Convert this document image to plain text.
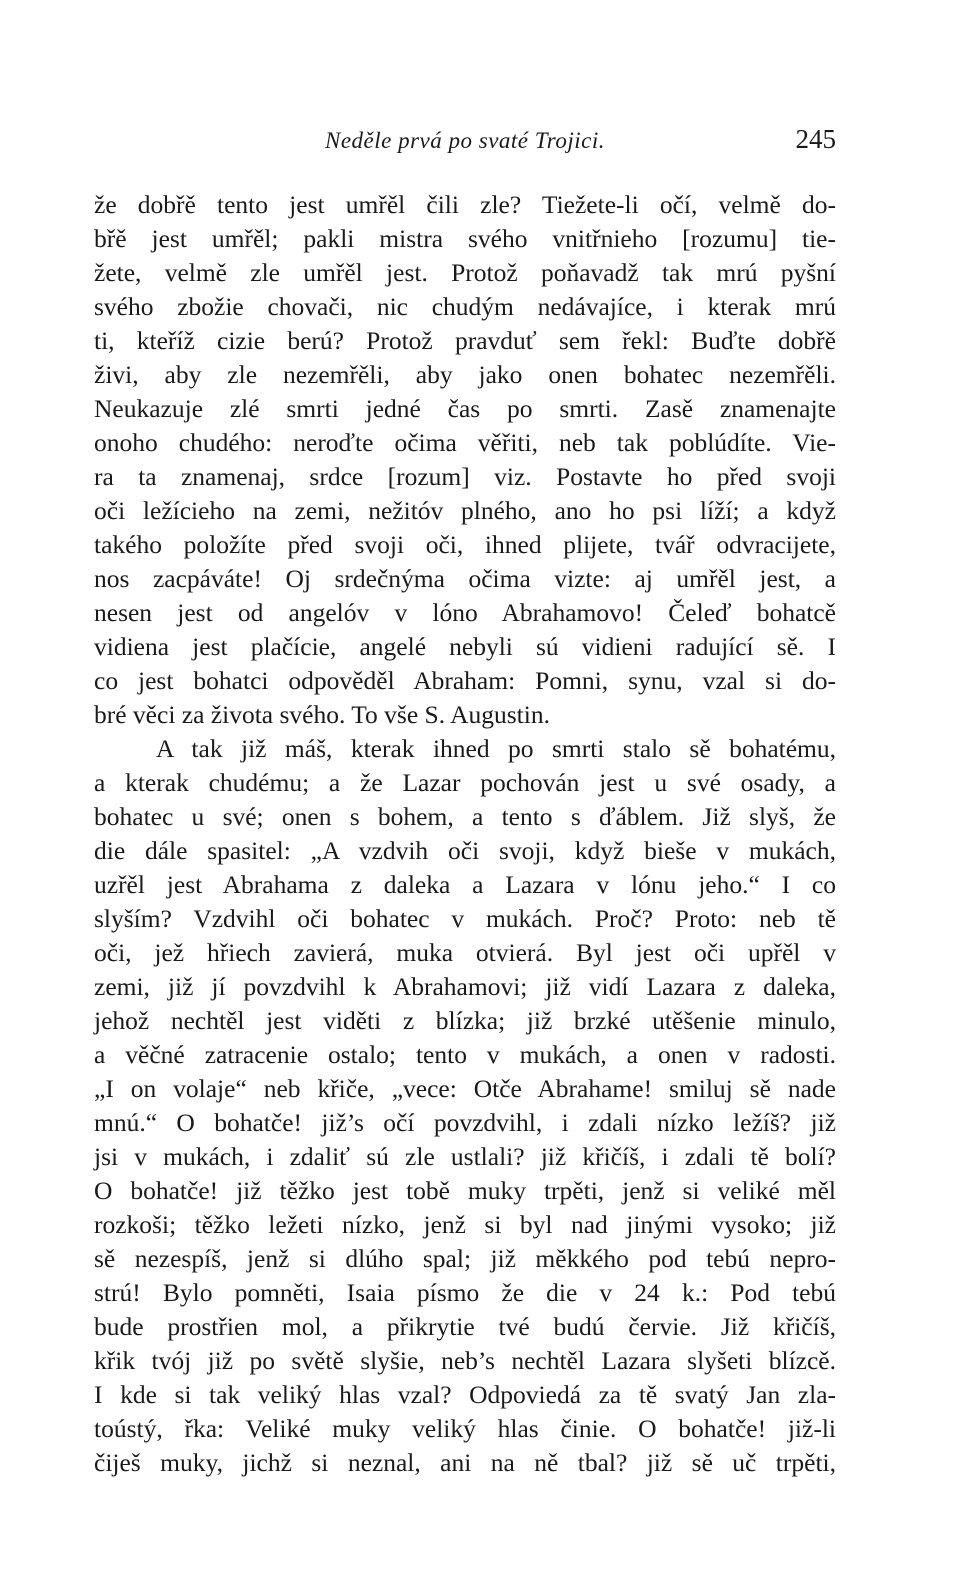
Neděle prvá po svaté Trojici.	245
že dobřě tento jest umřěl čili zle? Tiežete-li očí, velmě do-
břě jest umřěl; pakli mistra svého vnitřnieho [rozumu] tie-
žete, velmě zle umřěl jest. Protož poňavadž tak mrú pyšní
svého zbožie chovači, nic chudým nedávajíce, i kterak mrú
ti, kteříž cizie berú? Protož pravduť sem řekl: Buďte dobřě
živi, aby zle nezemřěli, aby jako onen bohatec nezemřěli.
Neukazuje zlé smrti jedné čas po smrti. Zasě znamenajte
onoho chudého: neroďte očima věřiti, neb tak poblúdíte. Vie-
ra ta znamenaj, srdce [rozum] viz. Postavte ho před svoji
oči ležícieho na zemi, nežitóv plného, ano ho psi líží; a když
takého položíte před svoji oči, ihned plijete, tvář odvracijete,
nos zacpáváte! Oj srdečnýma očima vizte: aj umřěl jest, a
nesen jest od angelóv v lóno Abrahamovo! Čeleď bohatcě
vidiena jest plačície, angelé nebyli sú vidieni radující sě. I
co jest bohatci odpověděl Abraham: Pomni, synu, vzal si do-
bré věci za života svého. To vše S. Augustin.
A tak již máš, kterak ihned po smrti stalo sě bohatému,
a kterak chudému; a že Lazar pochován jest u své osady, a
bohatec u své; onen s bohem, a tento s ďáblem. Již slyš, že
die dále spasitel: „A vzdvih oči svoji, když bieše v mukách,
uzřěl jest Abrahama z daleka a Lazara v lónu jeho.“ I co
slyším? Vzdvihl oči bohatec v mukách. Proč? Proto: neb tě
oči, jež hřiech zavierá, muka otvierá. Byl jest oči upřěl v
zemi, již jí povzdvihl k Abrahamovi; již vidí Lazara z daleka,
jehož nechtěl jest viděti z blízka; již brzké utěšenie minulo,
a věčné zatracenie ostalo; tento v mukách, a onen v radosti.
„I on volaje“ neb křiče, „vece: Otče Abrahame! smiluj sě nade
mnú.“ O bohatče! již’s očí povzdvihl, i zdali nízko ležíš? již
jsi v mukách, i zdaliť sú zle ustlali? již křičíš, i zdali tě bolí?
O bohatče! již těžko jest tobě muky trpěti, jenž si veliké měl
rozkoši; těžko ležeti nízko, jenž si byl nad jinými vysoko; již
sě nezespíš, jenž si dlúho spal; již měkkého pod tebú nepro-
strú! Bylo pomněti, Isaia písmo že die v 24 k.: Pod tebú
bude prostřien mol, a přikrytie tvé budú červie. Již křičíš,
křik tvój již po světě slyšie, neb’s nechtěl Lazara slyšeti blízcě.
I kde si tak veliký hlas vzal? Odpoviedá za tě svatý Jan zla-
toústý, řka: Veliké muky veliký hlas činie. O bohatče! již-li
čiješ muky, jichž si neznal, ani na ně tbal? již sě uč trpěti,
